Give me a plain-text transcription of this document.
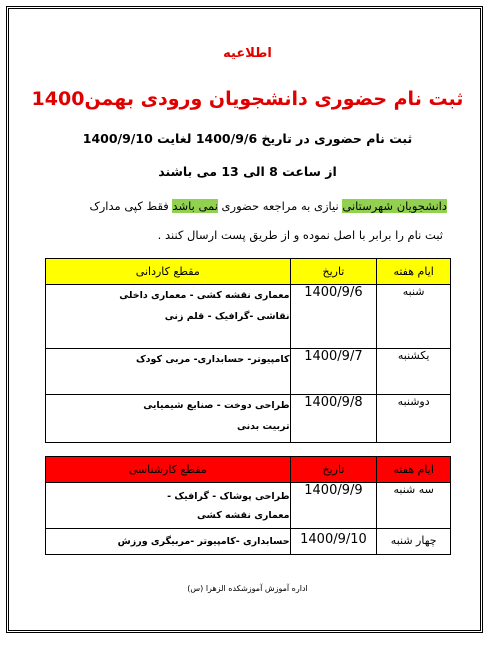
اطلاعیه
ثبت نام حضوری دانشجویان ورودی بهمن1400
ثبت نام حضوری در تاریخ 1400/9/6 لغایت 1400/9/10
از ساعت 8 الی 13 می باشند
دانشجویان شهرستانی نیازی به مراجعه حضوری نمی باشد فقط کپی مدارک
ثبت نام را برابر با اصل نموده و از طریق پست ارسال کنند .
ایام هفته	تاریخ	مقطع کاردانی
شنبه	1400/9/6	معماری نقشه کشی - معماری داخلی
نقاشی -گرافیک - قلم زنی

یکشنبه	1400/9/7	کامپیوتر- حسابداری- مربی کودک

دوشنبه	1400/9/8	طراحی دوخت - صنایع شیمیایی
تربیت بدنی
ایام هفته	تاریخ	مقطع کارشناسی
سه شنبه	1400/9/9	طراحی پوشاک - گرافیک -
معماری نقشه کشی

چهار شنبه	1400/9/10	حسابداری -کامپیوتر -مربیگری ورزش
اداره آموزش آموزشکده الزهرا (س)
